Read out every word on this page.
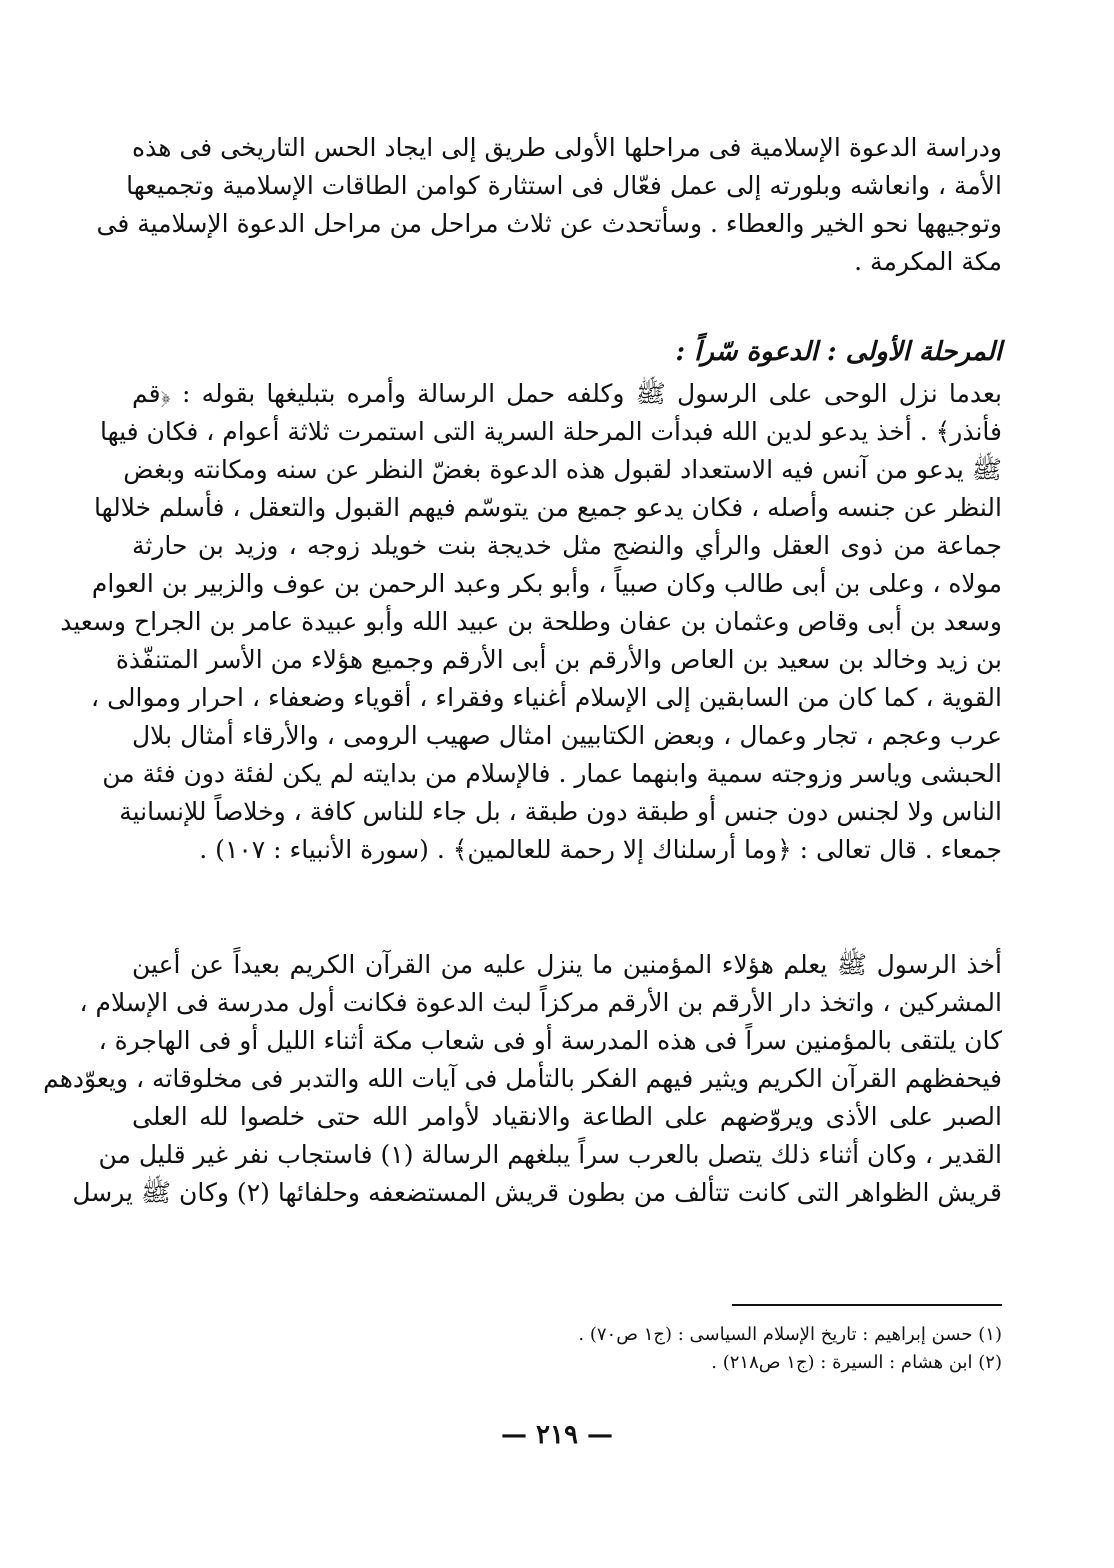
ودراسة الدعوة الإسلامية فى مراحلها الأولى طريق إلى ايجاد الحس التاريخى فى هذه
الأمة ، وانعاشه وبلورته إلى عمل فعّال فى استثارة كوامن الطاقات الإسلامية وتجميعها
وتوجيهها نحو الخير والعطاء . وسأتحدث عن ثلاث مراحل من مراحل الدعوة الإسلامية فى
مكة المكرمة .
المرحلة الأولى : الدعوة سّراً :
بعدما نزل الوحى على الرسول ﷺ وكلفه حمل الرسالة وأمره بتبليغها بقوله : ﴿قم
فأنذر﴾ . أخذ يدعو لدين الله فبدأت المرحلة السرية التى استمرت ثلاثة أعوام ، فكان فيها
ﷺ يدعو من آنس فيه الاستعداد لقبول هذه الدعوة بغضّ النظر عن سنه ومكانته وبغض
النظر عن جنسه وأصله ، فكان يدعو جميع من يتوسّم فيهم القبول والتعقل ، فأسلم خلالها
جماعة من ذوى العقل والرأي والنضج مثل خديجة بنت خويلد زوجه ، وزيد بن حارثة
مولاه ، وعلى بن أبى طالب وكان صبياً ، وأبو بكر وعبد الرحمن بن عوف والزبير بن العوام
وسعد بن أبى وقاص وعثمان بن عفان وطلحة بن عبيد الله وأبو عبيدة عامر بن الجراح وسعيد
بن زيد وخالد بن سعيد بن العاص والأرقم بن أبى الأرقم وجميع هؤلاء من الأسر المتنفّذة
القوية ، كما كان من السابقين إلى الإسلام أغنياء وفقراء ، أقوياء وضعفاء ، احرار وموالى ،
عرب وعجم ، تجار وعمال ، وبعض الكتابيين امثال صهيب الرومى ، والأرقاء أمثال بلال
الحبشى وياسر وزوجته سمية وابنهما عمار . فالإسلام من بدايته لم يكن لفئة دون فئة من
الناس ولا لجنس دون جنس أو طبقة دون طبقة ، بل جاء للناس كافة ، وخلاصاً للإنسانية
جمعاء . قال تعالى : ﴿وما أرسلناك إلا رحمة للعالمين﴾ . (سورة الأنبياء : ١٠٧) .
أخذ الرسول ﷺ يعلم هؤلاء المؤمنين ما ينزل عليه من القرآن الكريم بعيداً عن أعين
المشركين ، واتخذ دار الأرقم بن الأرقم مركزاً لبث الدعوة فكانت أول مدرسة فى الإسلام ،
كان يلتقى بالمؤمنين سراً فى هذه المدرسة أو فى شعاب مكة أثناء الليل أو فى الهاجرة ،
فيحفظهم القرآن الكريم ويثير فيهم الفكر بالتأمل فى آيات الله والتدبر فى مخلوقاته ، ويعوّدهم
الصبر على الأذى ويروّضهم على الطاعة والانقياد لأوامر الله حتى خلصوا لله العلى
القدير ، وكان أثناء ذلك يتصل بالعرب سراً يبلغهم الرسالة (١) فاستجاب نفر غير قليل من
قريش الظواهر التى كانت تتألف من بطون قريش المستضعفه وحلفائها (٢) وكان ﷺ يرسل
(١) حسن إبراهيم : تاريخ الإسلام السياسى : (ج١ ص٧٠) .
(٢) ابن هشام : السيرة : (ج١ ص٢١٨) .
— ٢١٩ —
